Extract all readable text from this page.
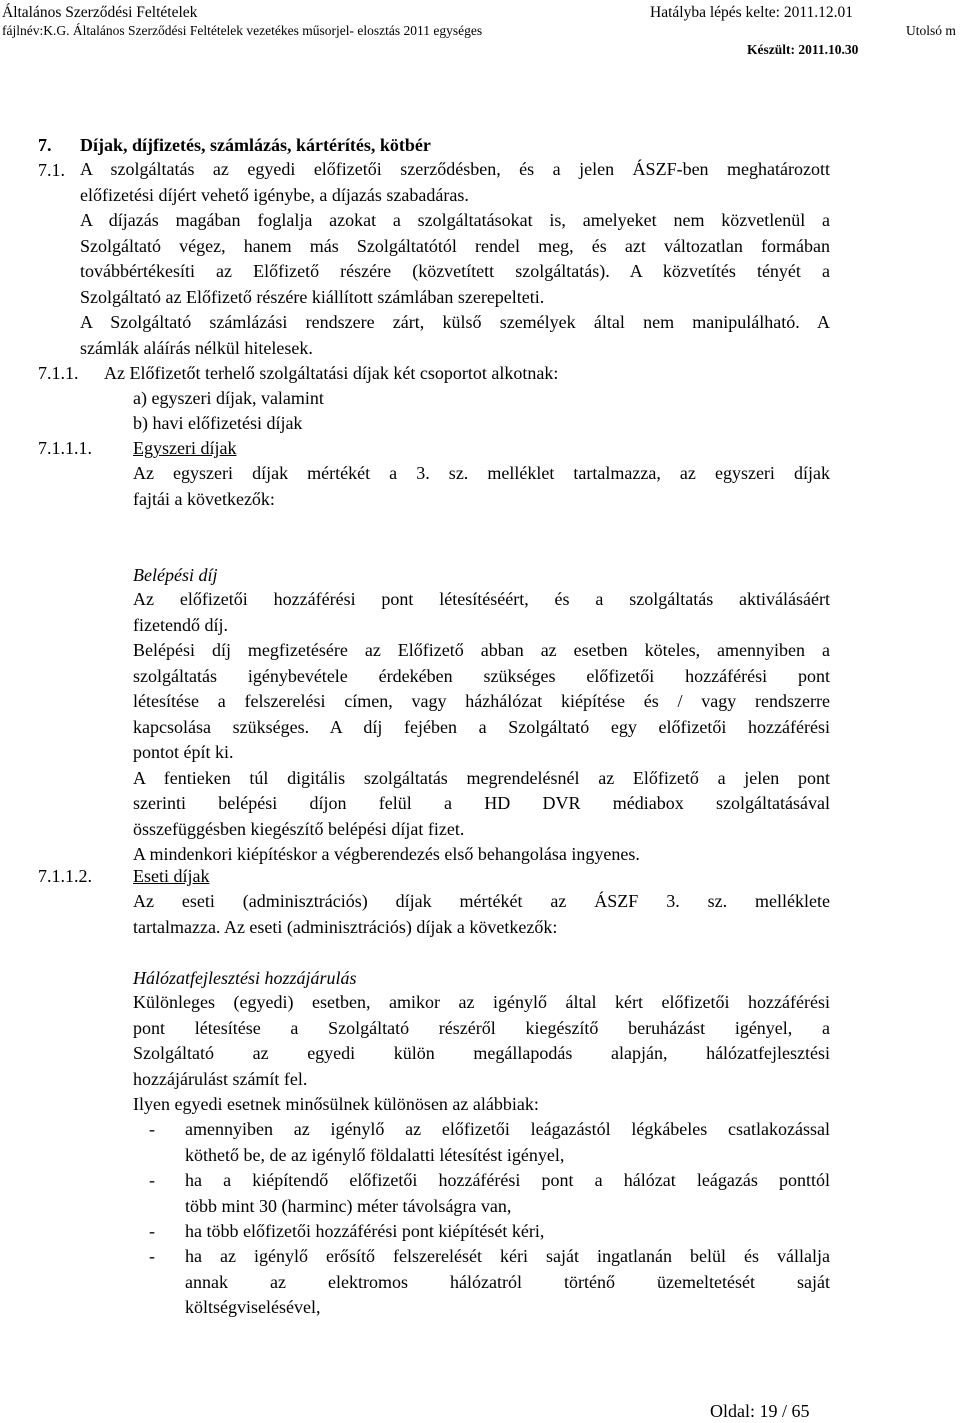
Általános Szerződési Feltételek	Hatályba lépés kelte: 2011.12.01
fájlnév:K.G. Általános Szerződési Feltételek vezetékes műsorjel- elosztás 2011 egységes	Utolsó m
Készült: 2011.10.30
7. Díjak, díjfizetés, számlázás, kártérítés, kötbér
7.1. A szolgáltatás az egyedi előfizetői szerződésben, és a jelen ÁSZF-ben meghatározott
előfizetési díjért vehető igénybe, a díjazás szabadáras.
A díjazás magában foglalja azokat a szolgáltatásokat is, amelyeket nem közvetlenül a
Szolgáltató végez, hanem más Szolgáltatótól rendel meg, és azt változatlan formában
továbbértékesíti az Előfizető részére (közvetített szolgáltatás). A közvetítés tényét a
Szolgáltató az Előfizető részére kiállított számlában szerepelteti.
A Szolgáltató számlázási rendszere zárt, külső személyek által nem manipulálható. A
számlák aláírás nélkül hitelesek.
7.1.1. Az Előfizetőt terhelő szolgáltatási díjak két csoportot alkotnak:
a) egyszeri díjak, valamint
b) havi előfizetési díjak
7.1.1.1. Egyszeri díjak
Az egyszeri díjak mértékét a 3. sz. melléklet tartalmazza, az egyszeri díjak
fajtái a következők:
Belépési díj
Az előfizetői hozzáférési pont létesítéséért, és a szolgáltatás aktiválásáért
fizetendő díj.
Belépési díj megfizetésére az Előfizető abban az esetben köteles, amennyiben a
szolgáltatás igénybevétele érdekében szükséges előfizetői hozzáférési pont
létesítése a felszerelési címen, vagy házhálózat kiépítése és / vagy rendszerre
kapcsolása szükséges. A díj fejében a Szolgáltató egy előfizetői hozzáférési
pontot épít ki.
A fentieken túl digitális szolgáltatás megrendelésnél az Előfizető a jelen pont
szerinti belépési díjon felül a HD DVR médiabox szolgáltatásával
összefüggésben kiegészítő belépési díjat fizet.
A mindenkori kiépítéskor a végberendezés első behangolása ingyenes.
7.1.1.2. Eseti díjak
Az eseti (adminisztrációs) díjak mértékét az ÁSZF 3. sz. melléklete
tartalmazza. Az eseti (adminisztrációs) díjak a következők:
Hálózatfejlesztési hozzájárulás
Különleges (egyedi) esetben, amikor az igénylő által kért előfizetői hozzáférési
pont létesítése a Szolgáltató részéről kiegészítő beruházást igényel, a
Szolgáltató az egyedi külön megállapodás alapján, hálózatfejlesztési
hozzájárulást számít fel.
Ilyen egyedi esetnek minősülnek különösen az alábbiak:
- amennyiben az igénylő az előfizetői leágazástól légkábeles csatlakozással
köthető be, de az igénylő földalatti létesítést igényel,
- ha a kiépítendő előfizetői hozzáférési pont a hálózat leágazás ponttól
több mint 30 (harminc) méter távolságra van,
- ha több előfizetői hozzáférési pont kiépítését kéri,
- ha az igénylő erősítő felszerelését kéri saját ingatlanán belül és vállalja
annak az elektromos hálózatról történő üzemeltetését saját
költségviselésével,
Oldal: 19 / 65
